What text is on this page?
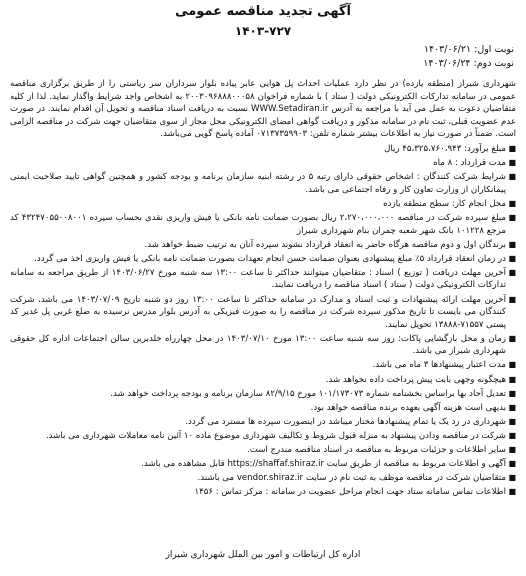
آگهی تجدید مناقصه عمومی
۱۴۰۳-۷۲۷
نوبت اول: ۱۴۰۳/۰۶/۲۱
نوبت دوم: ۱۴۰۳/۰۶/۲۴

شهرداری شیراز (منطقه یازده) در نظر دارد عملیات احداث پل هوایی عابر پیاده بلوار سرداران سر ریاستی را از طریق برگزاری مناقصه عمومی در سامانه تدارکات الکترونیکی دولت ( ستاد ) با شماره فراخوان ۲۰۰۳۰۹۶۸۸۸۰۰۰۵۸ به اشخاص واجد شرایط واگذار نماید. لذا از کلیه متقاضیان دعوت به عمل می آید با مراجعه به آدرس WWW.Setadiran.ir نسبت به دریافت اسناد مناقصه و تحویل آن اقدام نمایند. در صورت عدم عضویت قبلی، ثبت نام در سامانه مذکور و دریافت گواهی امضای الکترونیکی محل مجاز از سوی متقاضیان جهت شرکت در مناقصه الزامی است. ضمناً در صورت نیاز به اطلاعات بیشتر شماره تلفن: ۰۷۱۳۷۳۵۹۹۰۳ آماده پاسخ گویی می‌باشد.

■
مبلغ برآورد: ۴۵،۳۲۵،۷۶۰،۹۴۳ ریال
■
مدت قرارداد : ۸ ماه
■
شرایط شرکت کنندگان : اشخاص حقوقی دارای رتبه ۵ در رشته ابنیه سازمان برنامه و بودجه کشور و همچنین گواهی تایید صلاحیت ایمنی پیمانکاران از وزارت تعاون کار و رفاه اجتماعی می باشد.
■
محل انجام کار: سطح منطقه یازده
■
مبلغ سپرده شرکت در مناقصه ۲،۲۷۰،۰۰۰،۰۰۰ ریال بصورت ضمانت نامه بانکی یا فیش واریزی نقدی بحساب سپرده ۴۳۲۴۷۰۵۵۰۰۸۰۰۱ کد مرجع ۱۰۱۲۲۸ بانک شهر شعبه چمران بنام شهرداری شیراز
■
برندگان اول و دوم مناقصه هرگاه حاضر به انعقاد قرارداد نشوند سپرده آنان به ترتیب ضبط خواهد شد.
■
در زمان انعقاد قرارداد ۵٪ مبلغ پیشنهادی بعنوان ضمانت حسن انجام تعهدات بصورت ضمانت نامه بانکی یا فیش واریزی اخذ می گردد.
■
آخرین مهلت دریافت ( توزیع ) اسناد : متقاضیان میتوانند حداکثر تا ساعت ۱۳:۰۰ سه شنبه مورخ ۱۴۰۳/۰۶/۲۷ از طریق مراجعه به سامانه تدارکات الکترونیکی دولت ( ستاد ) اسناد مناقصه را دریافت نمایند.
■
آخرین مهلت ارائه پیشنهادات و ثبت اسناد و مدارک در سامانه حداکثر تا ساعت ۱۳:۰۰ روز دو شنبه تاریخ ۱۴۰۳/۰۷/۰۹ می باشد، شرکت کنندگان می بایست تا تاریخ مذکور سپرده شرکت در مناقصه را به صورت فیزیکی به آدرس بلوار مدرس نرسیده به ضلع غربی پل غدیر کد پستی ۷۱۵۵۷-۱۳۸۸۸ تحویل نمایند.
■
زمان و محل بازگشایی پاکات: روز سه شنبه ساعت ۱۳:۰۰ مورخ ۱۴۰۳/۰۷/۱۰ در محل چهارراه خلدبرین سالن اجتماعات اداره کل حقوقی شهرداری شیراز می باشد.
■
مدت اعتبار پیشنهادها ۳ ماه می باشد.
■
هیچگونه وجهی بابت پیش پرداخت داده نخواهد شد.
■
تعدیل آحاد بها براساس بخشنامه شماره ۱۰۱/۱۷۳۰۷۳ مورخ ۸۲/۹/۱۵ سازمان برنامه و بودجه پرداخت خواهد شد.
■
بدیهی است هزینه آگهی بعهده برنده مناقصه خواهد بود.
■
شهرداری در رد یک یا تمام پیشنهادها مختار میباشد در اینصورت سپرده ها مسترد می گردد.
■
شرکت در مناقصه ودادن پیشنهاد به منزله قبول شروط و تکالیف شهرداری موضوع ماده ۱۰ آئین نامه معاملات شهرداری می باشد.
■
سایر اطلاعات و جزئیات مربوط به مناقصه در اسناد مناقصه مندرج است.
■
آگهی و اطلاعات مربوط به مناقصه از طریق سایت https://shaffaf.shiraz.ir قابل مشاهده می باشد.
■
متقاضیان شرکت در مناقصه موظف به ثبت نام در سایت vendor.shiraz.ir می باشند.
■
اطلاعات تماس سامانه ستاد جهت انجام مراحل عضویت در سامانه : مرکز تماس : ۱۴۵۶
اداره کل ارتباطات و امور بین الملل شهرداری شیراز
